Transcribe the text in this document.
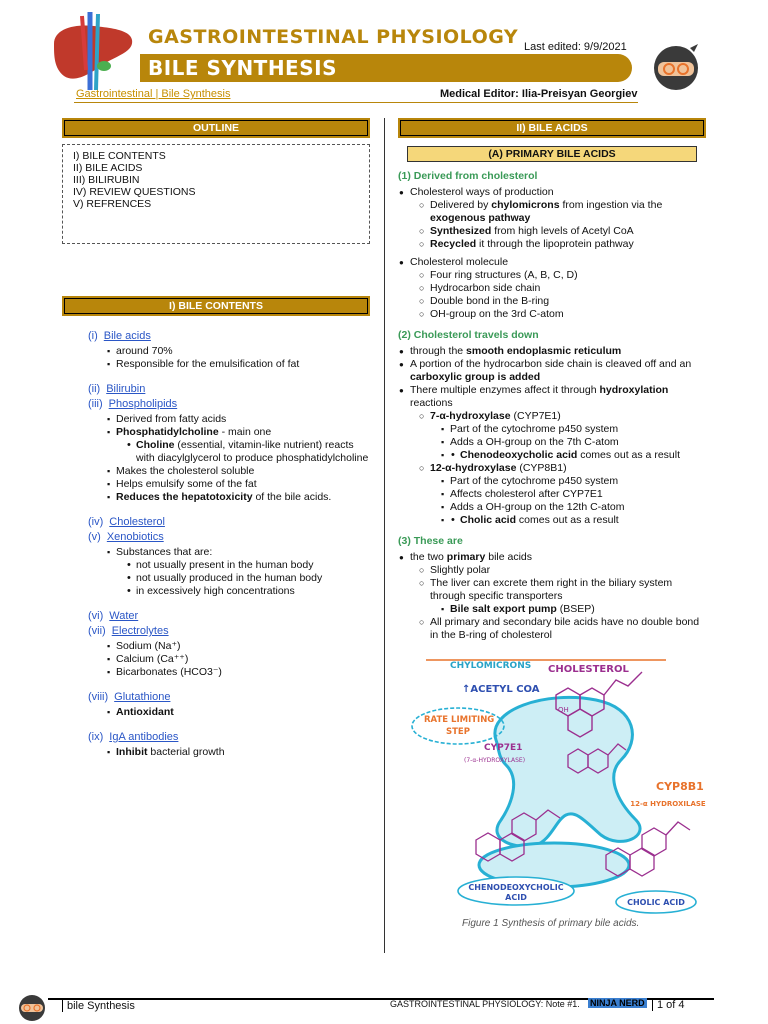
GASTROINTESTINAL PHYSIOLOGY
BILE SYNTHESIS
Last edited: 9/9/2021
Gastrointestinal | Bile Synthesis	Medical Editor: Ilia-Preisyan Georgiev
OUTLINE
I) BILE CONTENTS
II) BILE ACIDS
III) BILIRUBIN
IV) REVIEW QUESTIONS
V) REFRENCES
I) BILE CONTENTS
(i) Bile acids
▪ around 70%
▪ Responsible for the emulsification of fat
(ii) Bilirubin
(iii) Phospholipids
▪ Derived from fatty acids
▪ Phosphatidylcholine - main one
• Choline (essential, vitamin-like nutrient) reacts with diacylglycerol to produce phosphatidylcholine
▪ Makes the cholesterol soluble
▪ Helps emulsify some of the fat
▪ Reduces the hepatotoxicity of the bile acids.
(iv) Cholesterol
(v) Xenobiotics
▪ Substances that are:
• not usually present in the human body
• not usually produced in the human body
• in excessively high concentrations
(vi) Water
(vii) Electrolytes
▪ Sodium (Na⁺)
▪ Calcium (Ca⁺⁺)
▪ Bicarbonates (HCO3⁻)
(viii) Glutathione
▪ Antioxidant
(ix) IgA antibodies
▪ Inhibit bacterial growth
II) BILE ACIDS
(A) PRIMARY BILE ACIDS
(1) Derived from cholesterol
● Cholesterol ways of production
○ Delivered by chylomicrons from ingestion via the exogenous pathway
○ Synthesized from high levels of Acetyl CoA
○ Recycled it through the lipoprotein pathway
● Cholesterol molecule
○ Four ring structures (A, B, C, D)
○ Hydrocarbon side chain
○ Double bond in the B-ring
○ OH-group on the 3rd C-atom
(2) Cholesterol travels down
● through the smooth endoplasmic reticulum
● A portion of the hydrocarbon side chain is cleaved off and an carboxylic group is added
● There multiple enzymes affect it through hydroxylation reactions
○ 7-α-hydroxylase (CYP7E1)
▪ Part of the cytochrome p450 system
▪ Adds a OH-group on the 7th C-atom
• ▪ Chenodeoxycholic acid comes out as a result
○ 12-α-hydroxylase (CYP8B1)
▪ Part of the cytochrome p450 system
▪ Affects cholesterol after CYP7E1
▪ Adds a OH-group on the 12th C-atom
• ▪ Cholic acid comes out as a result
(3) These are
● the two primary bile acids
○ Slightly polar
○ The liver can excrete them right in the biliary system through specific transporters
▪ Bile salt export pump (BSEP)
○ All primary and secondary bile acids have no double bond in the B-ring of cholesterol
CHYLOMICRONS CHOLESTEROL
↑ACETYL COA
RATE LIMITING
STEP
CYP7E1
(7-α-HYDROXYLASE)
CYP8B1
12-α HYDROXILASE
OH
CHENODEOXYCHOLIC
ACID
CHOLIC ACID
Figure 1 Synthesis of primary bile acids.
bile Synthesis	GASTROINTESTINAL PHYSIOLOGY: Note #1. NINJA NERD	1 of 4
